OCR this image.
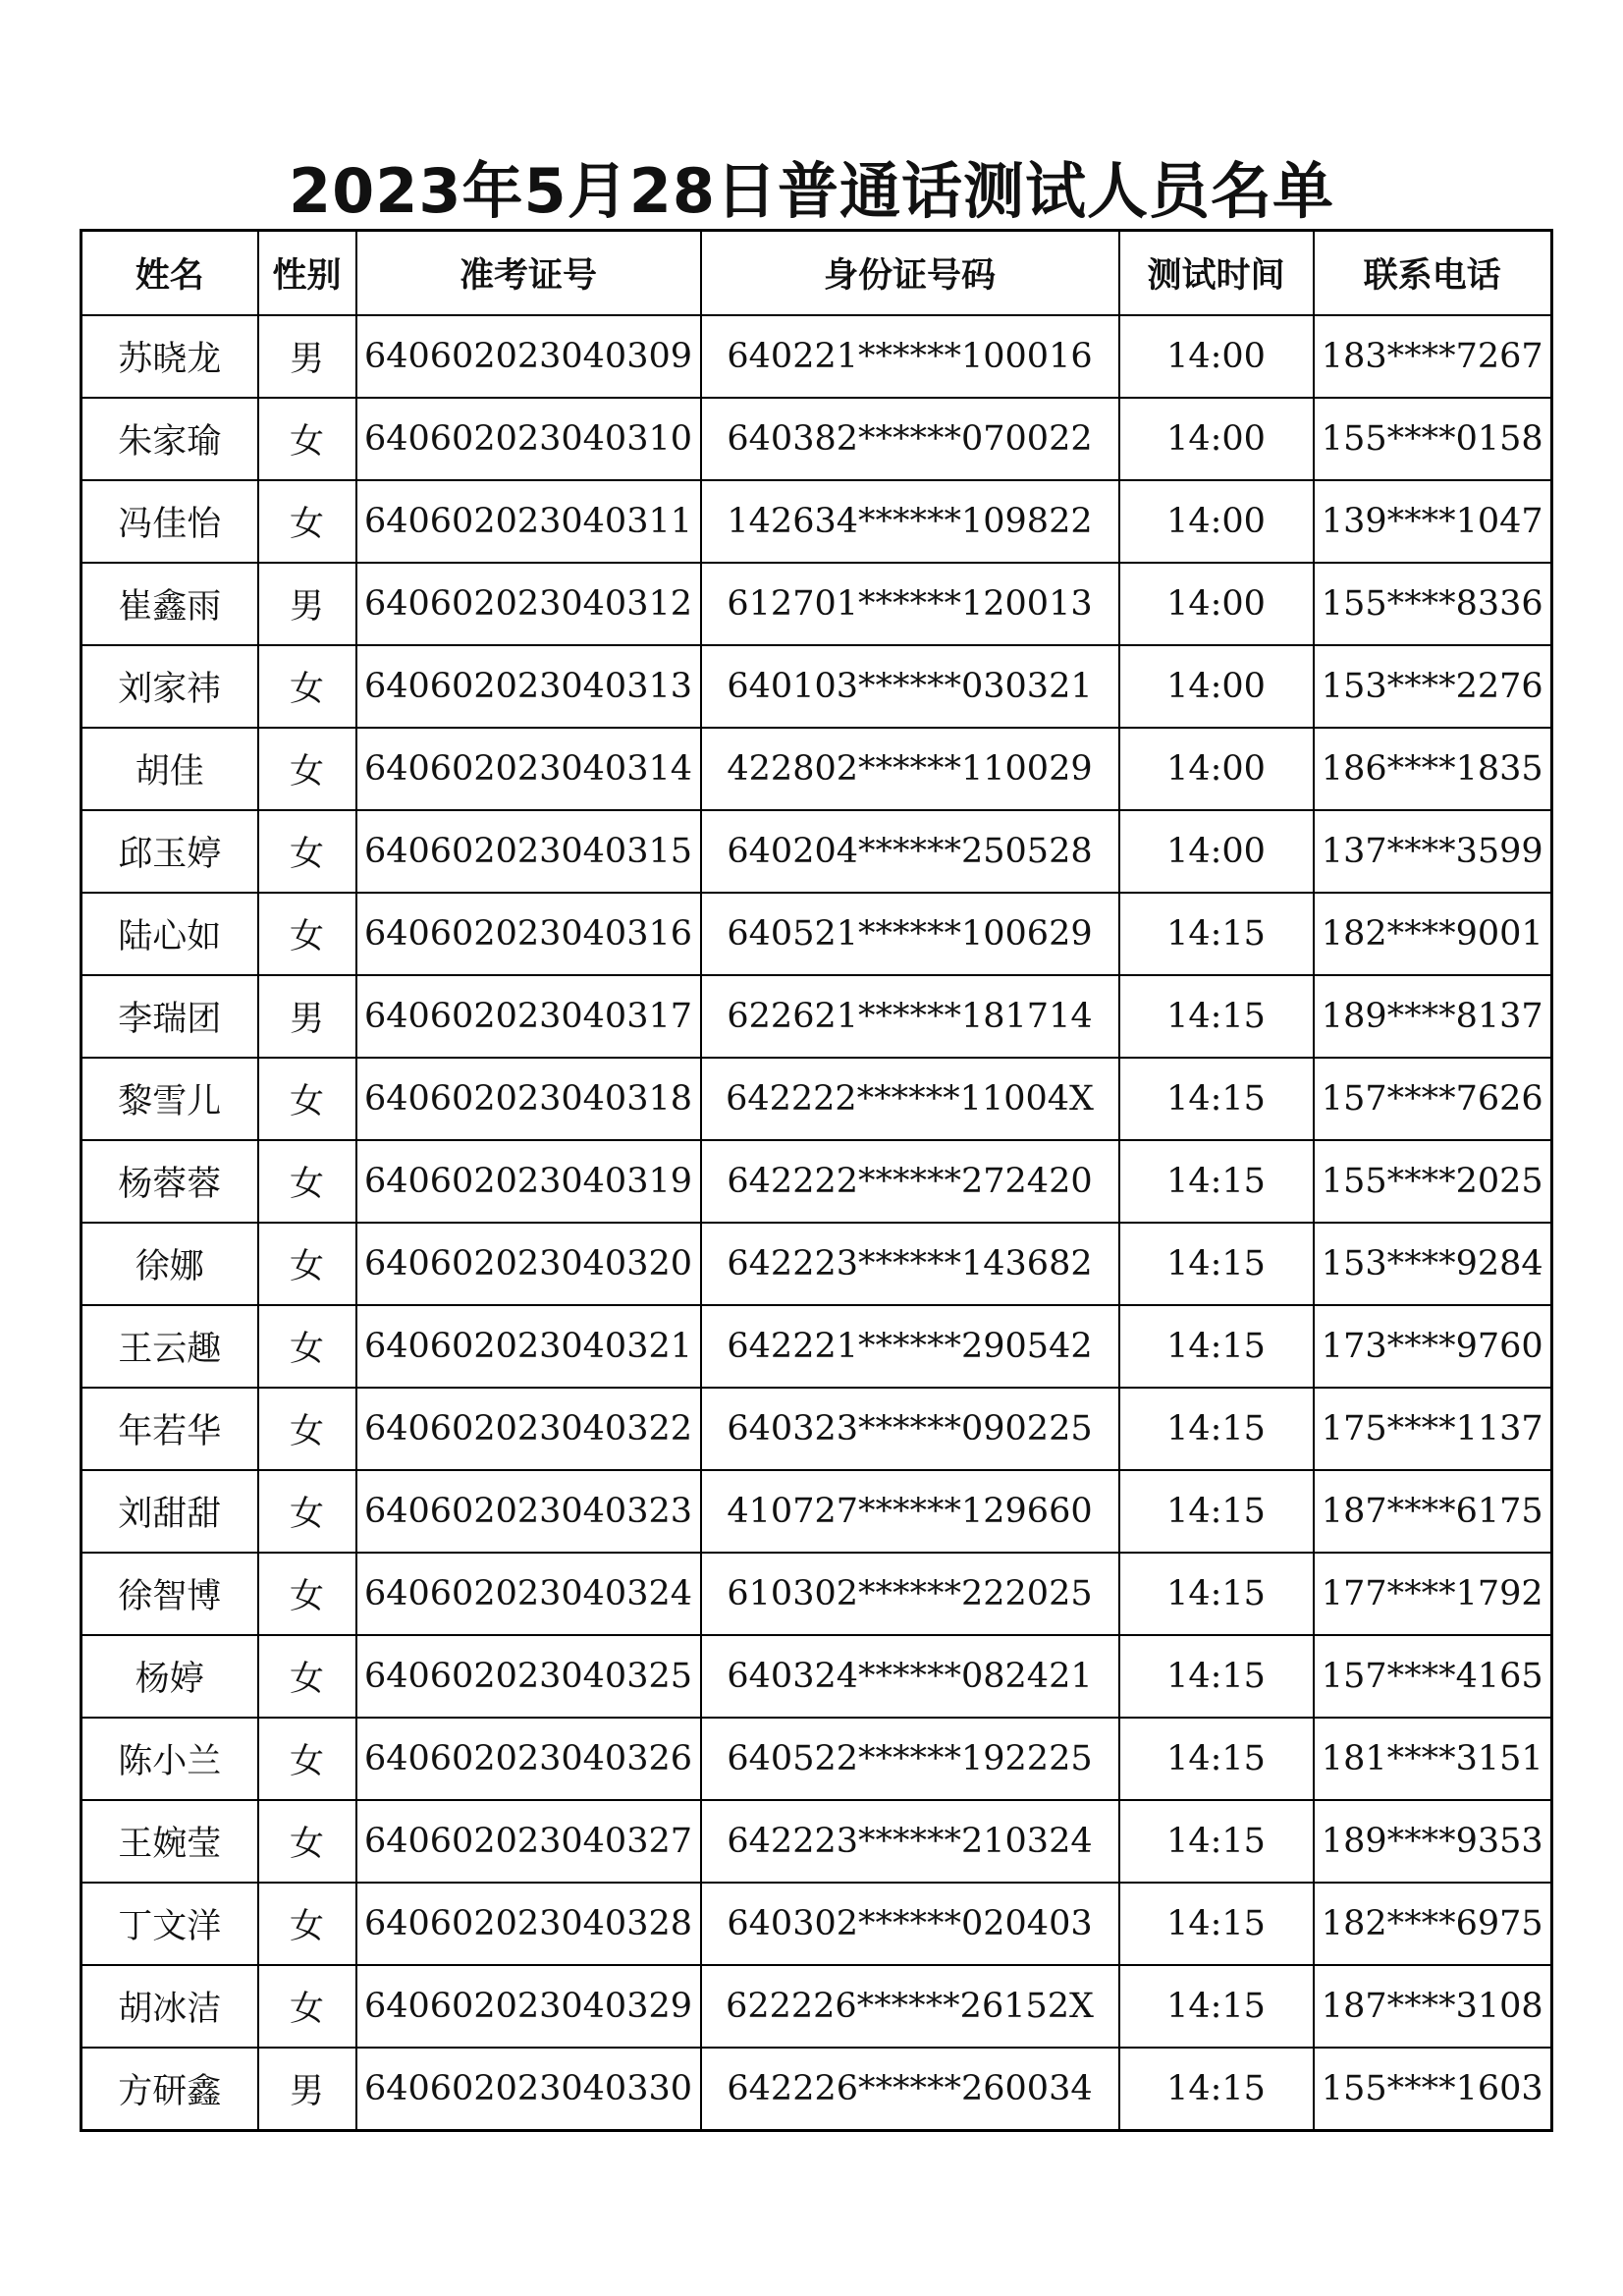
2023年5月28日普通话测试人员名单
姓名	性别	准考证号	身份证号码	测试时间	联系电话
苏晓龙	男	640602023040309	640221******100016	14:00	183****7267
朱家瑜	女	640602023040310	640382******070022	14:00	155****0158
冯佳怡	女	640602023040311	142634******109822	14:00	139****1047
崔鑫雨	男	640602023040312	612701******120013	14:00	155****8336
刘家祎	女	640602023040313	640103******030321	14:00	153****2276
胡佳	女	640602023040314	422802******110029	14:00	186****1835
邱玉婷	女	640602023040315	640204******250528	14:00	137****3599
陆心如	女	640602023040316	640521******100629	14:15	182****9001
李瑞团	男	640602023040317	622621******181714	14:15	189****8137
黎雪儿	女	640602023040318	642222******11004X	14:15	157****7626
杨蓉蓉	女	640602023040319	642222******272420	14:15	155****2025
徐娜	女	640602023040320	642223******143682	14:15	153****9284
王云趣	女	640602023040321	642221******290542	14:15	173****9760
年若华	女	640602023040322	640323******090225	14:15	175****1137
刘甜甜	女	640602023040323	410727******129660	14:15	187****6175
徐智博	女	640602023040324	610302******222025	14:15	177****1792
杨婷	女	640602023040325	640324******082421	14:15	157****4165
陈小兰	女	640602023040326	640522******192225	14:15	181****3151
王婉莹	女	640602023040327	642223******210324	14:15	189****9353
丁文洋	女	640602023040328	640302******020403	14:15	182****6975
胡冰洁	女	640602023040329	622226******26152X	14:15	187****3108
方研鑫	男	640602023040330	642226******260034	14:15	155****1603
